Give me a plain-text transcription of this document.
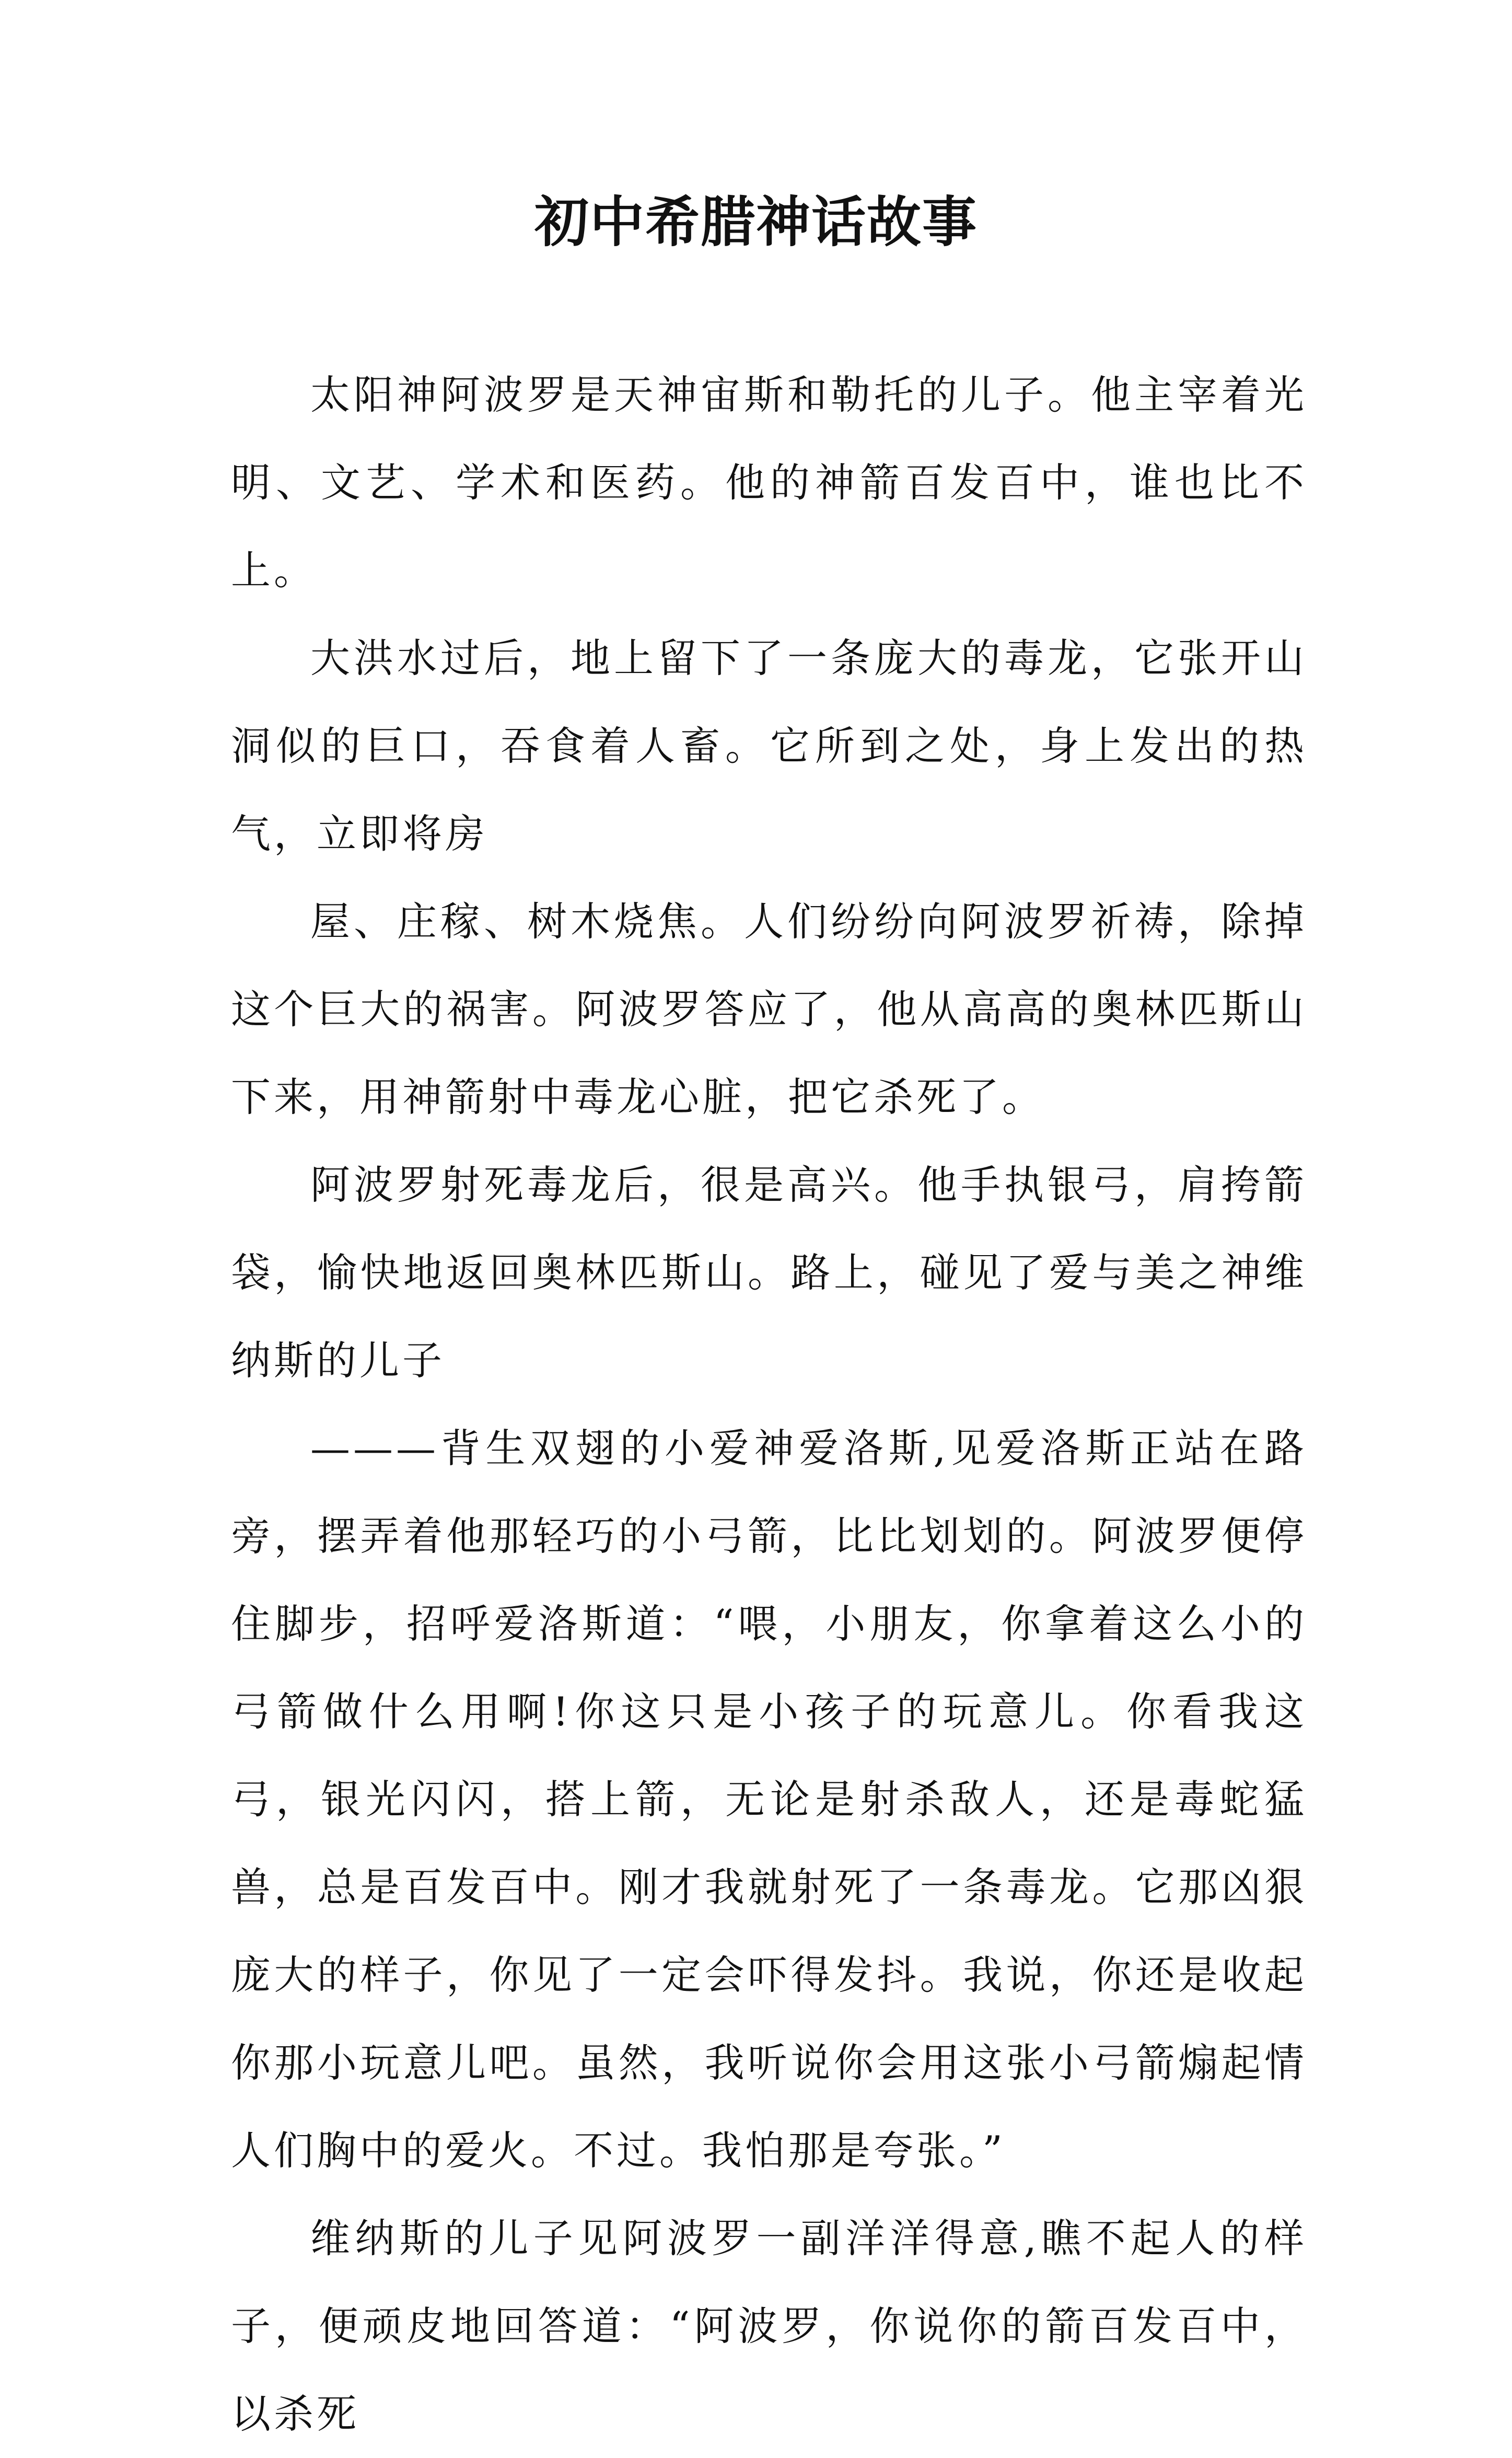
初中希腊神话故事

太阳神阿波罗是天神宙斯和勒托的儿子。他主宰着光明、文艺、学术和医药。他的神箭百发百中，谁也比不上。

大洪水过后，地上留下了一条庞大的毒龙，它张开山洞似的巨口，吞食着人畜。它所到之处，身上发出的热气，立即将房

屋、庄稼、树木烧焦。人们纷纷向阿波罗祈祷，除掉这个巨大的祸害。阿波罗答应了，他从高高的奥林匹斯山下来，用神箭射中毒龙心脏，把它杀死了。

阿波罗射死毒龙后，很是高兴。他手执银弓，肩挎箭袋，愉快地返回奥林匹斯山。路上，碰见了爱与美之神维纳斯的儿子

———背生双翅的小爱神爱洛斯,见爱洛斯正站在路旁，摆弄着他那轻巧的小弓箭，比比划划的。阿波罗便停住脚步，招呼爱洛斯道：“喂，小朋友，你拿着这么小的弓箭做什么用啊!你这只是小孩子的玩意儿。你看我这弓，银光闪闪，搭上箭，无论是射杀敌人，还是毒蛇猛兽，总是百发百中。刚才我就射死了一条毒龙。它那凶狠庞大的样子，你见了一定会吓得发抖。我说，你还是收起你那小玩意儿吧。虽然，我听说你会用这张小弓箭煽起情人们胸中的爱火。不过。我怕那是夸张。”

维纳斯的儿子见阿波罗一副洋洋得意,瞧不起人的样子，便顽皮地回答道：“阿波罗，你说你的箭百发百中，以杀死
